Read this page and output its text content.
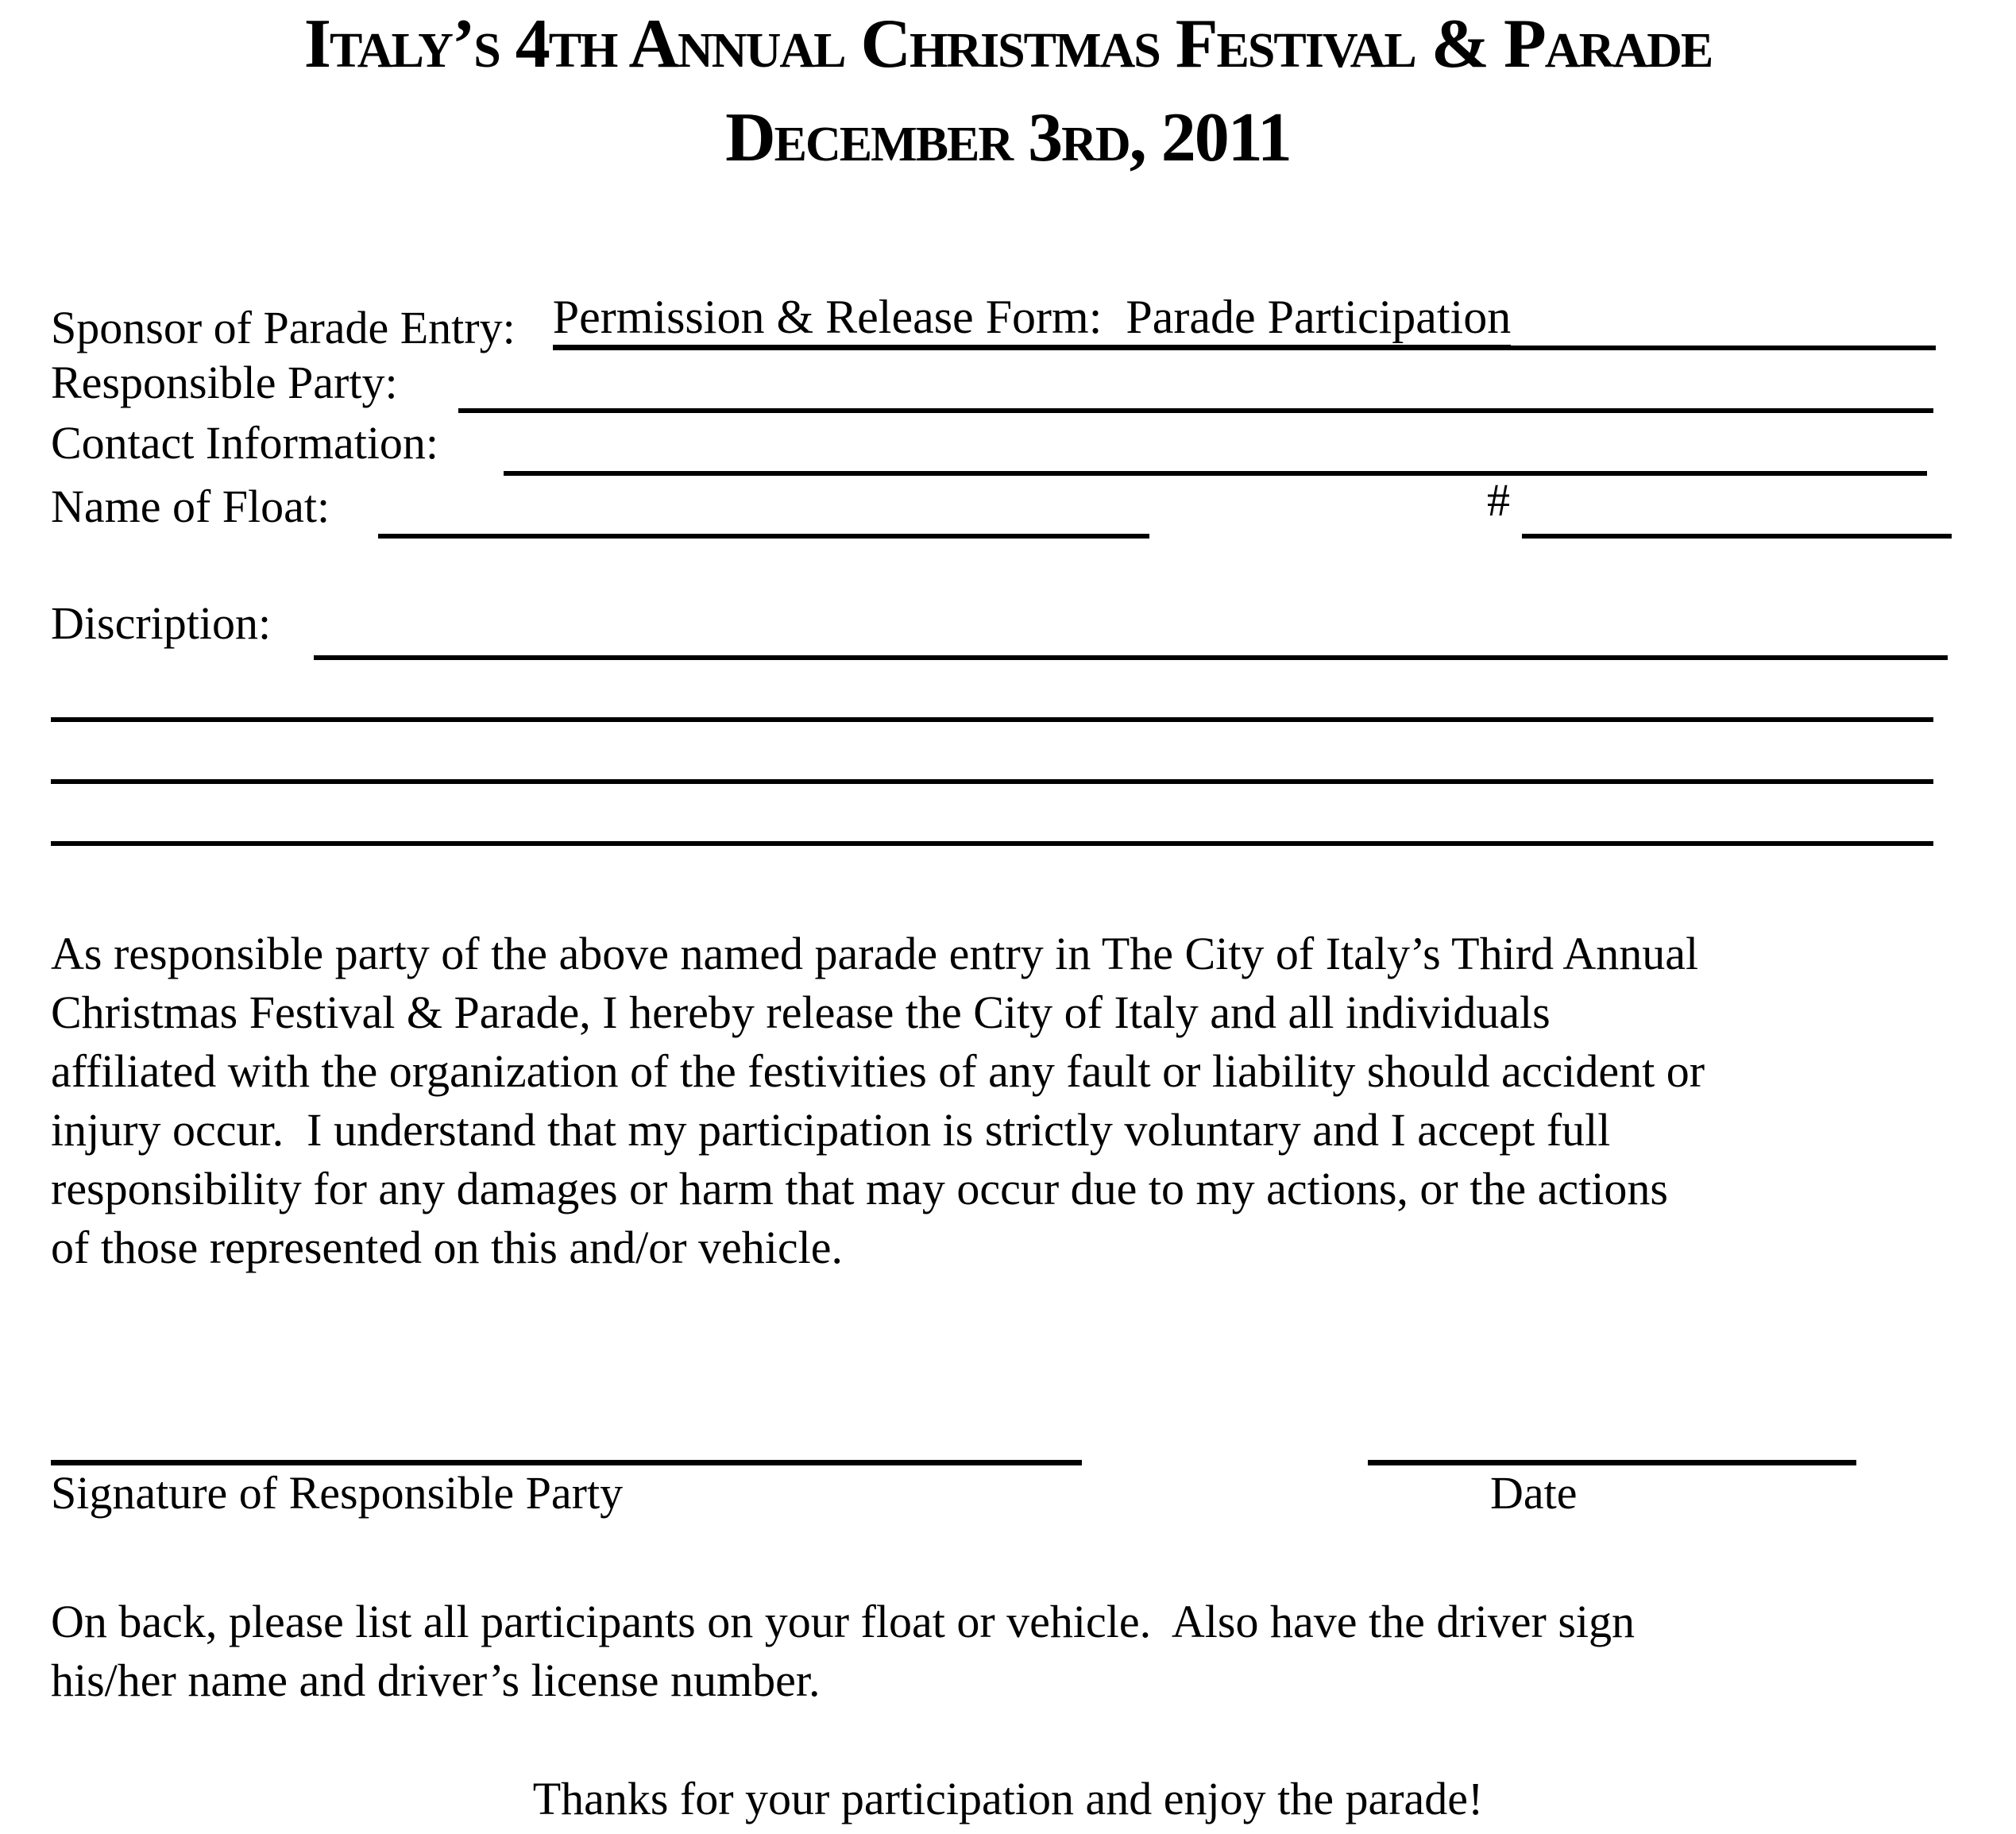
Italy’s 4th Annual Christmas Festival & Parade
December 3rd, 2011

Permission & Release Form:  Parade Participation

Sponsor of Parade Entry:
Responsible Party:
Contact Information:
Name of Float:	#
Discription:
As responsible party of the above named parade entry in The City of Italy’s Third Annual
Christmas Festival & Parade, I hereby release the City of Italy and all individuals
affiliated with the organization of the festivities of any fault or liability should accident or
injury occur.  I understand that my participation is strictly voluntary and I accept full
responsibility for any damages or harm that may occur due to my actions, or the actions
of those represented on this and/or vehicle.
Signature of Responsible Party	Date
On back, please list all participants on your float or vehicle.  Also have the driver sign
his/her name and driver’s license number.
Thanks for your participation and enjoy the parade!
